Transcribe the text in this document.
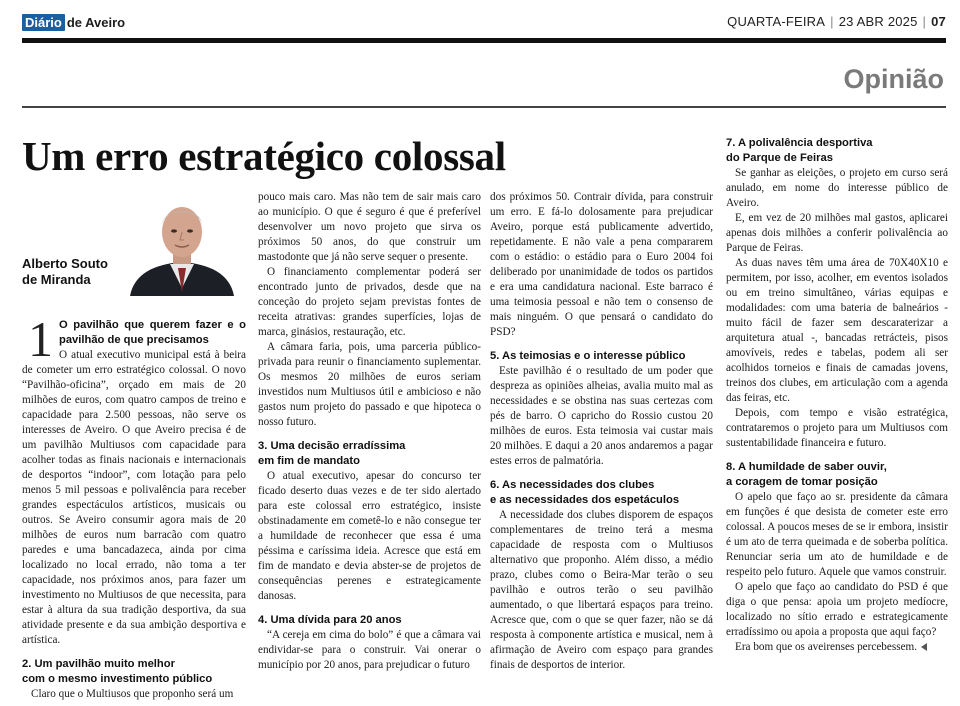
Diário de Aveiro	QUARTA-FEIRA | 23 ABR 2025 | 07
Opinião
Um erro estratégico colossal
Alberto Souto
de Miranda
1 O pavilhão que querem fazer e o pavilhão de que precisamos

O atual executivo municipal está à beira de cometer um erro estratégico colossal. O novo “Pavilhão-oficina”, orçado em mais de 20 milhões de euros, com quatro campos de treino e capacidade para 2.500 pessoas, não serve os interesses de Aveiro. O que Aveiro precisa é de um pavilhão Multiusos com capacidade para acolher todas as finais nacionais e internacionais de desportos “indoor”, com lotação para pelo menos 5 mil pessoas e polivalência para receber grandes espectáculos artísticos, musicais ou outros. Se Aveiro consumir agora mais de 20 milhões de euros num barracão com quatro paredes e uma bancadazeca, ainda por cima localizado no local errado, não toma a ter capacidade, nos próximos anos, para fazer um investimento no Multiusos de que necessita, para estar à altura da sua tradição desportiva, da sua atividade presente e da sua ambição desportiva e artística.

2. Um pavilhão muito melhor
com o mesmo investimento público

Claro que o Multiusos que proponho será um

pouco mais caro. Mas não tem de sair mais caro ao município. O que é seguro é que é preferível desenvolver um novo projeto que sirva os próximos 50 anos, do que construir um mastodonte que já não serve sequer o presente.

O financiamento complementar poderá ser encontrado junto de privados, desde que na conceção do projeto sejam previstas fontes de receita atrativas: grandes superfícies, lojas de marca, ginásios, restauração, etc.

A câmara faria, pois, uma parceria público-privada para reunir o financiamento suplementar. Os mesmos 20 milhões de euros seriam investidos num Multiusos útil e ambicioso e não gastos num projeto do passado e que hipoteca o nosso futuro.

3. Uma decisão erradíssima
em fim de mandato

O atual executivo, apesar do concurso ter ficado deserto duas vezes e de ter sido alertado para este colossal erro estratégico, insiste obstinadamente em cometê-lo e não consegue ter a humildade de reconhecer que essa é uma péssima e caríssima ideia. Acresce que está em fim de mandato e devia abster-se de projetos de consequências perenes e estrategicamente danosas.

4. Uma dívida para 20 anos

“A cereja em cima do bolo” é que a câmara vai endividar-se para o construir. Vai onerar o município por 20 anos, para prejudicar o futuro

dos próximos 50. Contrair dívida, para construir um erro. E fá-lo dolosamente para prejudicar Aveiro, porque está publicamente advertido, repetidamente. E não vale a pena compararem com o estádio: o estádio para o Euro 2004 foi deliberado por unanimidade de todos os partidos e era uma candidatura nacional. Este barraco é uma teimosia pessoal e não tem o consenso de mais ninguém. O que pensará o candidato do PSD?

5. As teimosias e o interesse público

Este pavilhão é o resultado de um poder que despreza as opiniões alheias, avalia muito mal as necessidades e se obstina nas suas certezas com pés de barro. O capricho do Rossio custou 20 milhões de euros. Esta teimosia vai custar mais 20 milhões. E daqui a 20 anos andaremos a pagar estes erros de palmatória.

6. As necessidades dos clubes
e as necessidades dos espetáculos

A necessidade dos clubes disporem de espaços complementares de treino terá a mesma capacidade de resposta com o Multiusos alternativo que proponho. Além disso, a médio prazo, clubes como o Beira-Mar terão o seu pavilhão e outros terão o seu pavilhão aumentado, o que libertará espaços para treino. Acresce que, com o que se quer fazer, não se dá resposta à componente artística e musical, nem à afirmação de Aveiro com espaço para grandes finais de desportos de interior.

7. A polivalência desportiva
do Parque de Feiras

Se ganhar as eleições, o projeto em curso será anulado, em nome do interesse público de Aveiro.

E, em vez de 20 milhões mal gastos, aplicarei apenas dois milhões a conferir polivalência ao Parque de Feiras.

As duas naves têm uma área de 70X40X10 e permitem, por isso, acolher, em eventos isolados ou em treino simultâneo, várias equipas e modalidades: com uma bateria de balneários - muito fácil de fazer sem descaraterizar a arquitetura atual -, bancadas retrácteis, pisos amovíveis, redes e tabelas, podem ali ser acolhidos torneios e finais de camadas jovens, treinos dos clubes, em articulação com a agenda das feiras, etc.

Depois, com tempo e visão estratégica, contrataremos o projeto para um Multiusos com sustentabilidade financeira e futuro.

8. A humildade de saber ouvir,
a coragem de tomar posição

O apelo que faço ao sr. presidente da câmara em funções é que desista de cometer este erro colossal. A poucos meses de se ir embora, insistir é um ato de terra queimada e de soberba política. Renunciar seria um ato de humildade e de respeito pelo futuro. Aquele que vamos construir.

O apelo que faço ao candidato do PSD é que diga o que pensa: apoia um projeto medíocre, localizado no sítio errado e estrategicamente erradíssimo ou apoia a proposta que aqui faço?

Era bom que os aveirenses percebessem.
